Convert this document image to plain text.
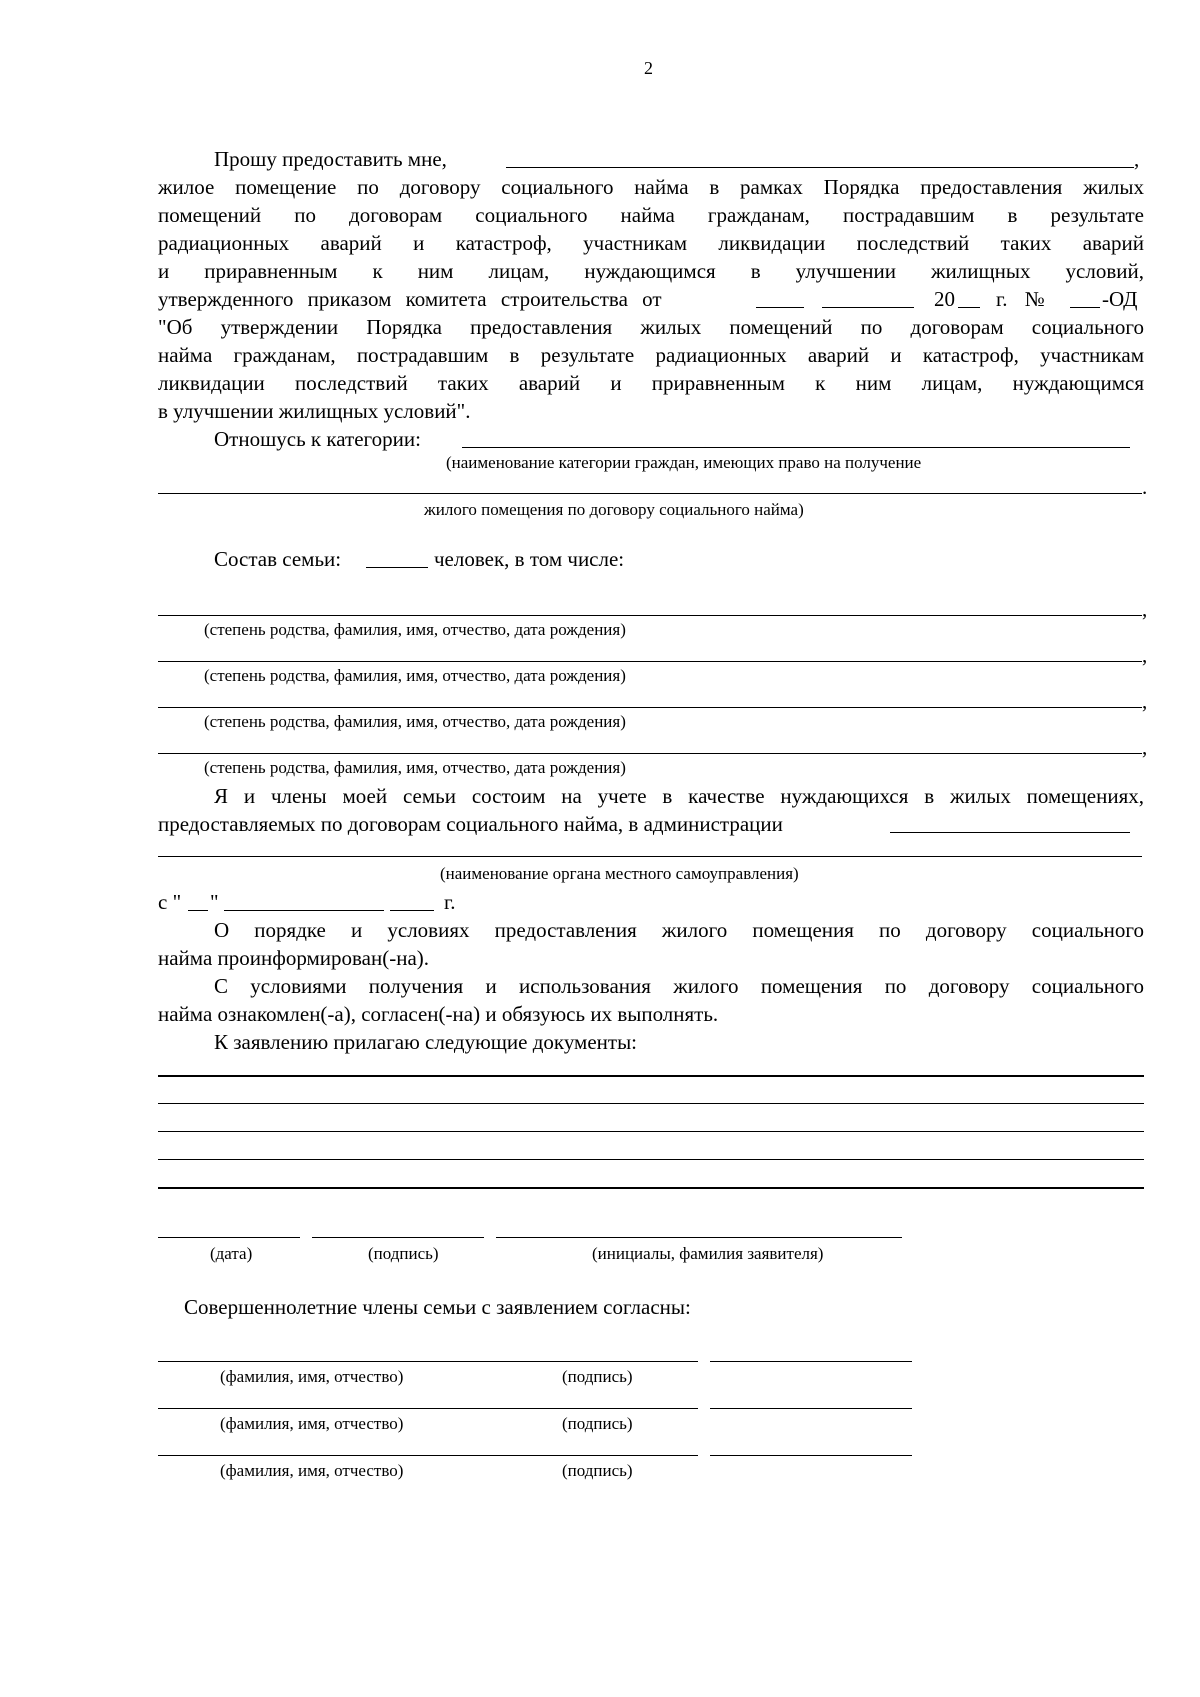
2
Прошу предоставить мне,	,
жилое помещение по договору социального найма в рамках Порядка предоставления жилых
помещений по договорам социального найма гражданам, пострадавшим в результате
радиационных аварий и катастроф, участникам ликвидации последствий таких аварий
и приравненным к ним лицам, нуждающимся в улучшении жилищных условий,
утвержденного приказом комитета строительства от	20 г. №	-ОД
"Об утверждении Порядка предоставления жилых помещений по договорам социального
найма гражданам, пострадавшим в результате радиационных аварий и катастроф, участникам
ликвидации последствий таких аварий и приравненным к ним лицам, нуждающимся
в улучшении жилищных условий".
Отношусь к категории:
(наименование категории граждан, имеющих право на получение
.
жилого помещения по договору социального найма)
Состав семьи:	человек, в том числе:
,
(степень родства, фамилия, имя, отчество, дата рождения)
,
(степень родства, фамилия, имя, отчество, дата рождения)
,
(степень родства, фамилия, имя, отчество, дата рождения)
,
(степень родства, фамилия, имя, отчество, дата рождения)
Я и члены моей семьи состоим на учете в качестве нуждающихся в жилых помещениях,
предоставляемых по договорам социального найма, в администрации
(наименование органа местного самоуправления)
с " "	г.
О порядке и условиях предоставления жилого помещения по договору социального
найма проинформирован(-на).
С условиями получения и использования жилого помещения по договору социального
найма ознакомлен(-а), согласен(-на) и обязуюсь их выполнять.
К заявлению прилагаю следующие документы:
(дата)	(подпись)	(инициалы, фамилия заявителя)
Совершеннолетние члены семьи с заявлением согласны:
(фамилия, имя, отчество)	(подпись)
(фамилия, имя, отчество)	(подпись)
(фамилия, имя, отчество)	(подпись)
